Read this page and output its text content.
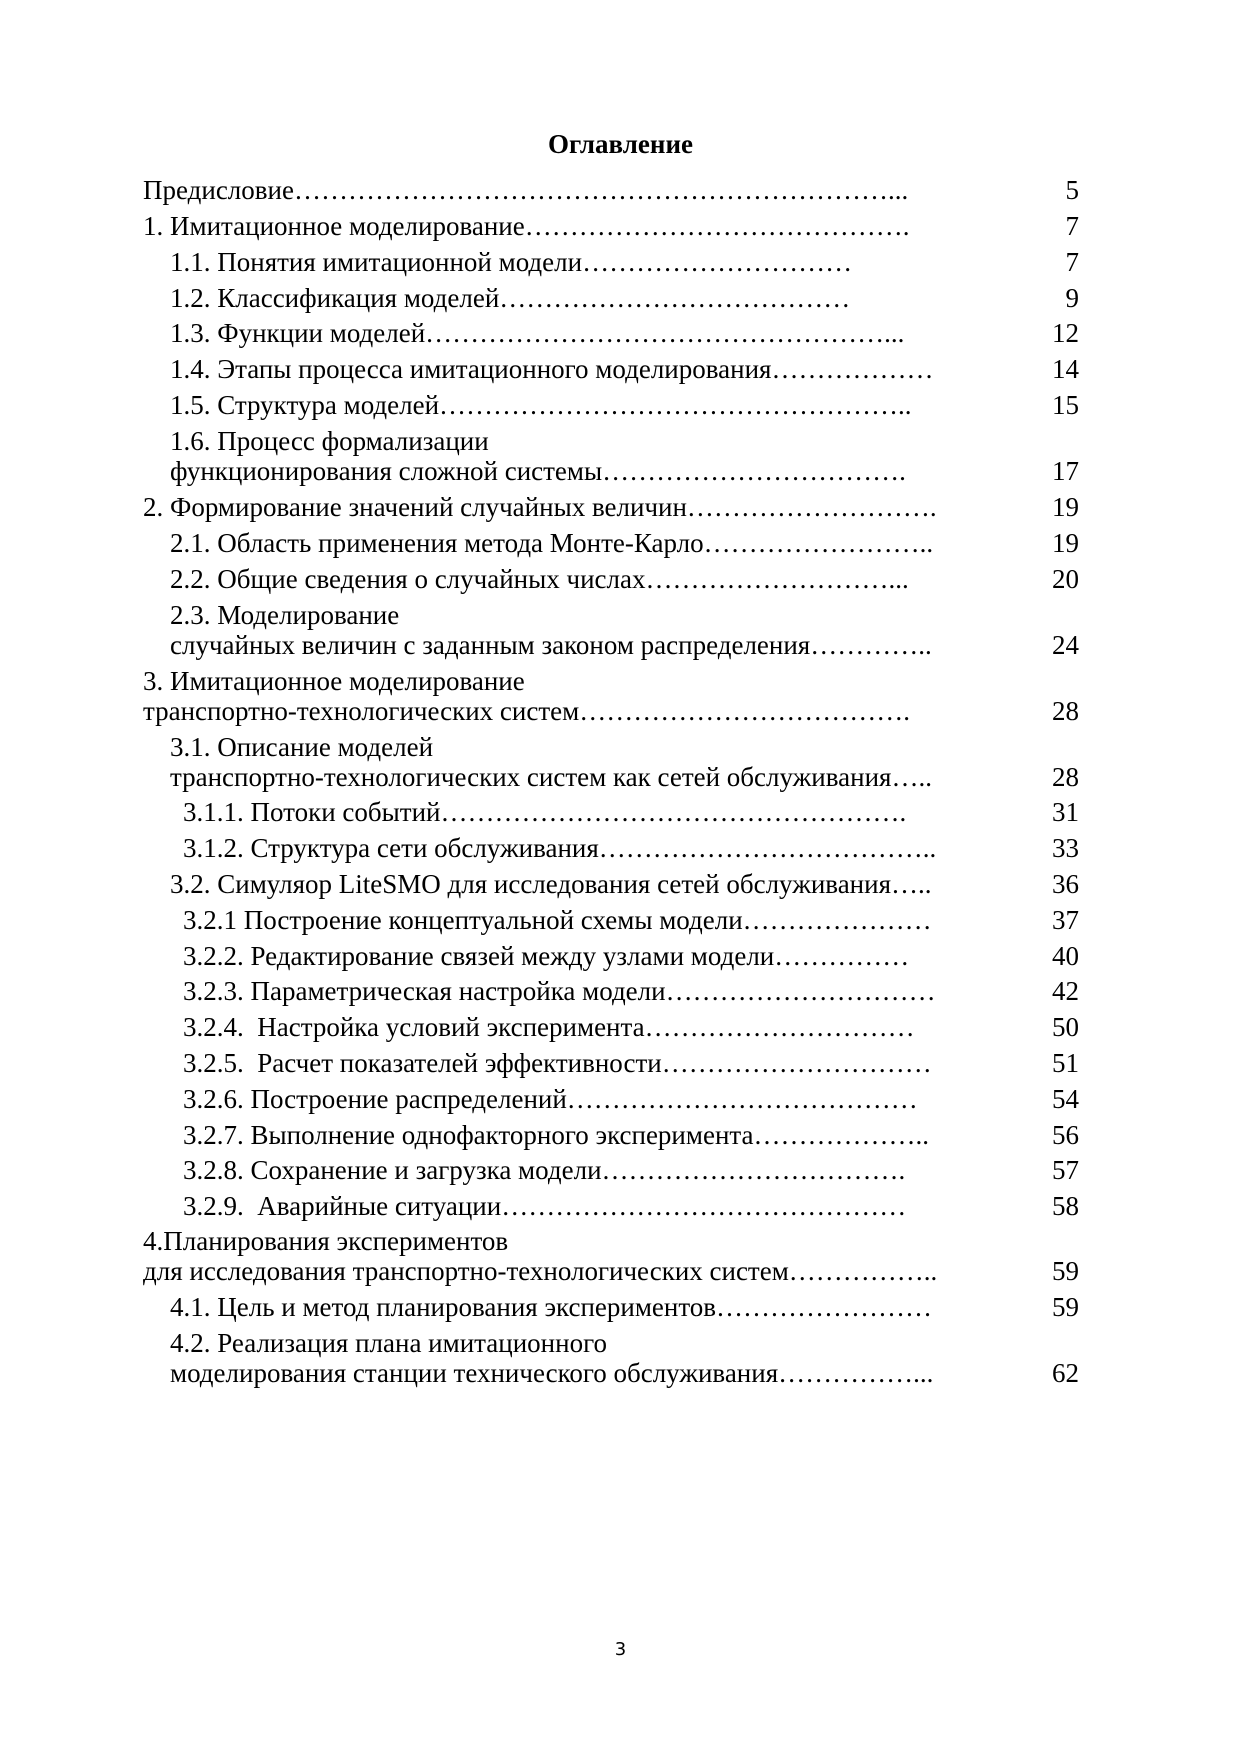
Оглавление
Предисловие…………………………………………………………...	5
1. Имитационное моделирование…………………………………….	7
1.1. Понятия имитационной модели…………………………	7
1.2. Классификация моделей…………………………………	9
1.3. Функции моделей……………………………………………...	12
1.4. Этапы процесса имитационного моделирования………………	14
1.5. Структура моделей……………………………………………..	15
1.6. Процесс формализации
функционирования сложной системы…………………………….	17
2. Формирование значений случайных величин……………………….	19
2.1. Область применения метода Монте-Карло……………………..	19
2.2. Общие сведения о случайных числах………………………...	20
2.3. Моделирование
случайных величин с заданным законом распределения…………..	24
3. Имитационное моделирование
транспортно-технологических систем……………………………….	28
3.1. Описание моделей
транспортно-технологических систем как сетей обслуживания…..	28
3.1.1. Потоки событий…………………………………………….	31
3.1.2. Структура сети обслуживания………………………………..	33
3.2. Симуляор LiteSMO для исследования сетей обслуживания…..	36
3.2.1 Построение концептуальной схемы модели…………………	37
3.2.2. Редактирование связей между узлами модели……………	40
3.2.3. Параметрическая настройка модели…………………………	42
3.2.4.  Настройка условий эксперимента…………………………	50
3.2.5.  Расчет показателей эффективности…………………………	51
3.2.6. Построение распределений…………………………………	54
3.2.7. Выполнение однофакторного эксперимента………………..	56
3.2.8. Сохранение и загрузка модели…………………………….	57
3.2.9.  Аварийные ситуации………………………………………	58
4.Планирования экспериментов
для исследования транспортно-технологических систем……………..	59
4.1. Цель и метод планирования экспериментов……………………	59
4.2. Реализация плана имитационного
моделирования станции технического обслуживания……………...	62
3
